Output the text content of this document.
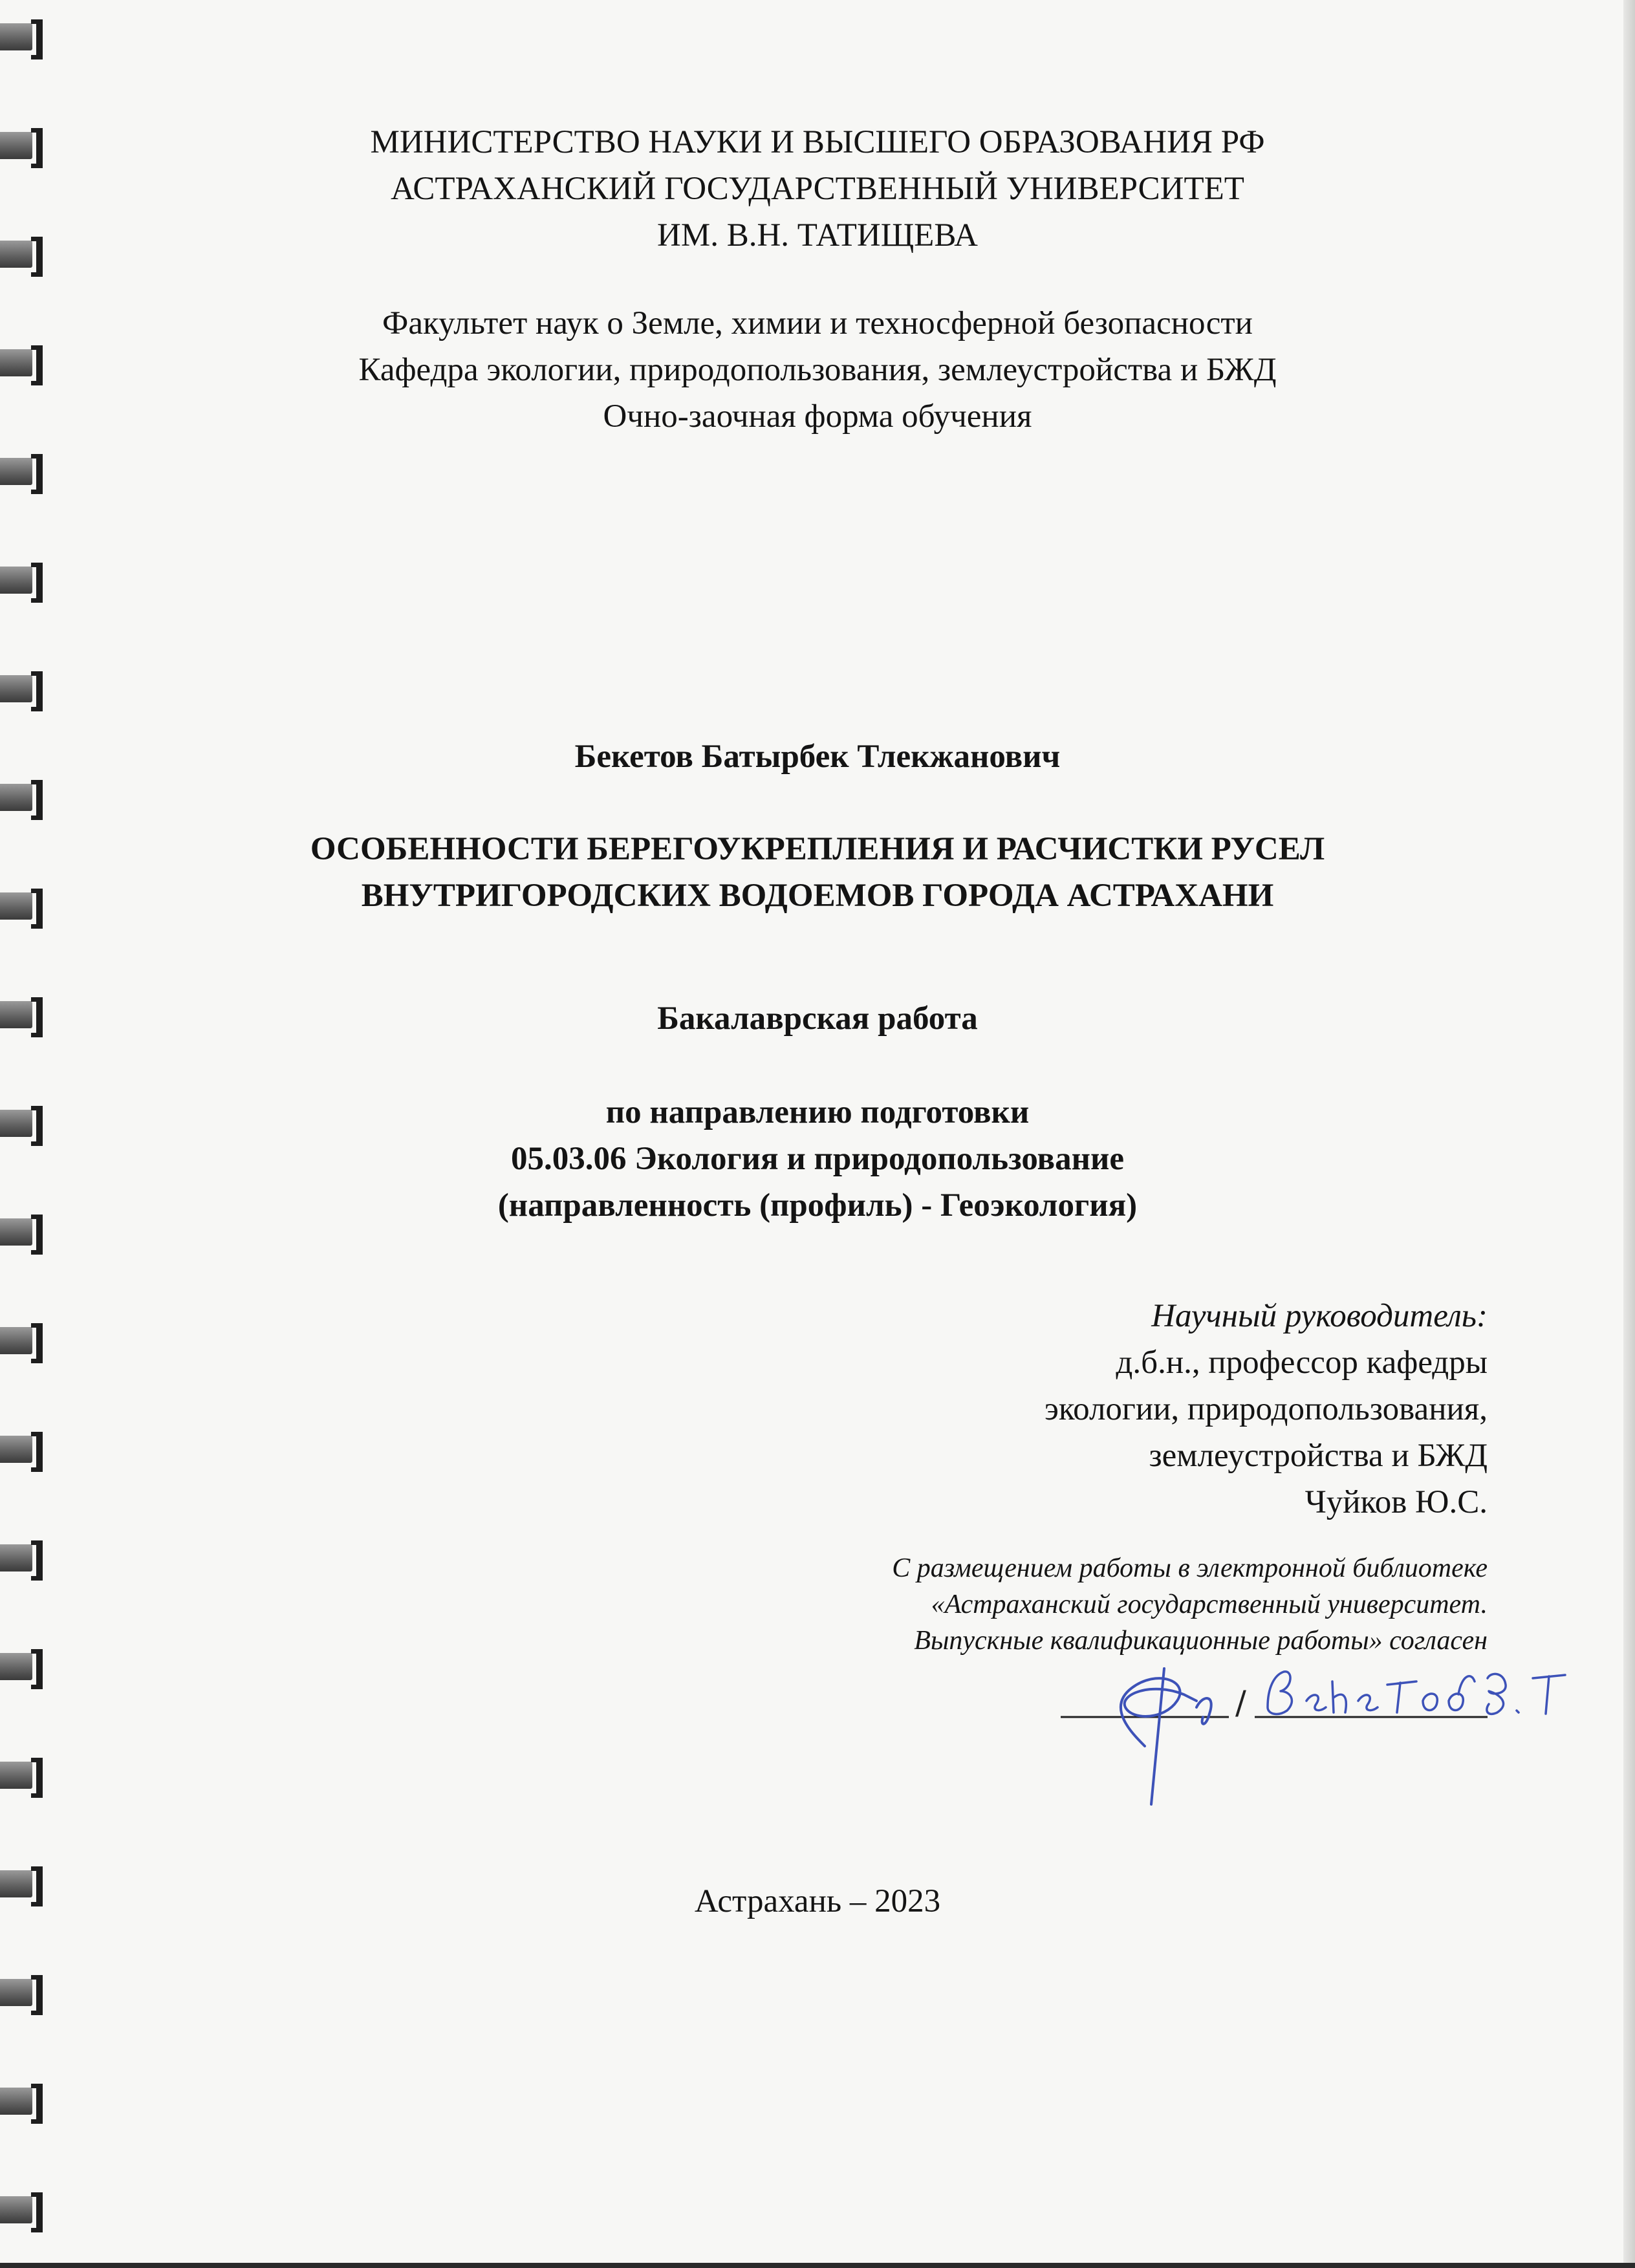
МИНИСТЕРСТВО НАУКИ И ВЫСШЕГО ОБРАЗОВАНИЯ РФ
АСТРАХАНСКИЙ ГОСУДАРСТВЕННЫЙ УНИВЕРСИТЕТ
ИМ. В.Н. ТАТИЩЕВА
Факультет наук о Земле, химии и техносферной безопасности
Кафедра экологии, природопользования, землеустройства и БЖД
Очно-заочная форма обучения
Бекетов Батырбек Тлекжанович
ОСОБЕННОСТИ БЕРЕГОУКРЕПЛЕНИЯ И РАСЧИСТКИ РУСЕЛ
ВНУТРИГОРОДСКИХ ВОДОЕМОВ ГОРОДА АСТРАХАНИ
Бакалаврская работа
по направлению подготовки
05.03.06 Экология и природопользование
(направленность (профиль) - Геоэкология)
Научный руководитель:
д.б.н., профессор кафедры
экологии, природопользования,
землеустройства и БЖД
Чуйков Ю.С.
С размещением работы в электронной библиотеке
«Астраханский государственный университет.
Выпускные квалификационные работы» согласен
/
Астрахань – 2023
